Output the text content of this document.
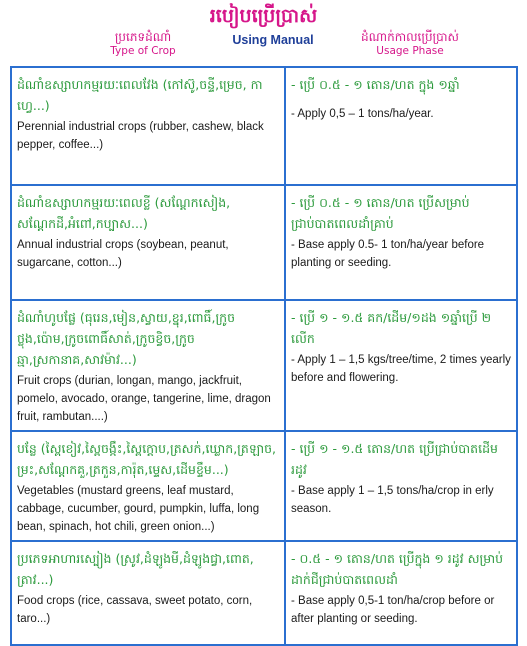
របៀបប្រើប្រាស់
ប្រភេទដំណាំ
Type of Crop
Using Manual	ដំណាក់កាលប្រើប្រាស់
Usage Phase
ដំណាំឧស្សាហកម្មរយៈពេលវែង (កៅស៊ូ,ចន្ទី,ម្រេច, កាហ្វេ...)
Perennial industrial crops (rubber, cashew, black pepper, coffee...)	- ប្រើ ០.៥ - ១ តោន/ហត ក្នុង ១ឆ្នាំ
- Apply 0,5 – 1 tons/ha/year.

ដំណាំឧស្សាហកម្មរយៈពេលខ្លី (សណ្ដែកសៀង, សណ្ដែកដី,អំពៅ,កប្បាស...)
Annual industrial crops (soybean, peanut, sugarcane, cotton...)	- ប្រើ ០.៥ - ១ តោន/ហត ប្រើសម្រាប់ជ្រាប់បាតពេលដាំគ្រាប់
- Base apply 0.5- 1 ton/ha/year before planting or seeding.

ដំណាំហូបផ្លែ (ធុរេន,មៀន,ស្វាយ,ខ្នុរ,ពោធិ៍,ក្រូចថ្លុង,ប៉ោម,ក្រូចពោធិ៍សាត់,ក្រូចខ្វិច,ក្រូចឆ្មា,ស្រកានាគ,សាវម៉ាវ...)
Fruit crops (durian, longan, mango, jackfruit, pomelo, avocado, orange, tangerine, lime, dragon fruit, rambutan....)	- ប្រើ ១ - ១.៥ គក/ដើម/១ដង ១ឆ្នាំប្រើ ២ លើក
- Apply 1 – 1,5 kgs/tree/time, 2 times yearly before and flowering.

បន្លែ (ស្ពៃខៀវ,ស្ពៃចង្កឹះ,ស្ពៃក្ដោប,ត្រសក់,ឃ្លោក,ត្រឡាច, ម្រះ,សណ្ដែកគួ,ត្រកួន,ការ៉ុត,ម្ទេស,ដើមខ្ទឹម...)
Vegetables (mustard greens, leaf mustard, cabbage, cucumber, gourd, pumpkin, luffa, long bean, spinach, hot chili, green onion...)	- ប្រើ ១ - ១.៥ តោន/ហត ប្រើជ្រាប់បាតដើមរដូវ
- Base apply 1 – 1,5 tons/ha/crop in erly season.

ប្រភេទអាហារស្បៀង (ស្រូវ,ដំឡូងមី,ដំឡូងជ្វា,ពោត, ត្រាវ...)
Food crops (rice, cassava, sweet potato, corn, taro...)	- ០.៥ - ១ តោន/ហត ប្រើក្នុង ១ រដូវ សម្រាប់ដាក់ជីជ្រាប់បាតពេលដាំ
- Base apply 0,5-1 ton/ha/crop before or after planting or seeding.
